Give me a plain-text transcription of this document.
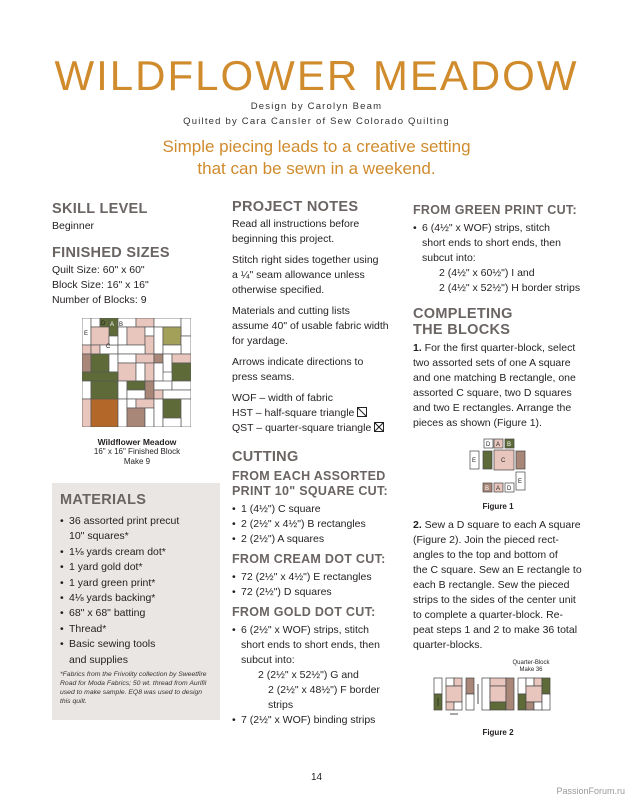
WILDFLOWER MEADOW
Design by Carolyn Beam
Quilted by Cara Cansler of Sew Colorado Quilting
Simple piecing leads to a creative setting
that can be sewn in a weekend.
SKILL LEVEL
Beginner
FINISHED SIZES
Quilt Size: 60" x 60"
Block Size: 16" x 16"
Number of Blocks: 9
E
D A B
C
Wildflower Meadow
16" x 16" Finished Block
Make 9
MATERIALS
• 36 assorted print precut
10" squares*
• 1⅛ yards cream dot*
• 1 yard gold dot*
• 1 yard green print*
• 4⅛ yards backing*
• 68" x 68" batting
• Thread*
• Basic sewing tools
and supplies
*Fabrics from the Frivolity collection by Sweetfire Road for Moda Fabrics; 50 wt. thread from Aurifil used to make sample. EQ8 was used to design this quilt.
PROJECT NOTES
Read all instructions before
beginning this project.
Stitch right sides together using
a ¼" seam allowance unless
otherwise specified.
Materials and cutting lists
assume 40" of usable fabric width
for yardage.
Arrows indicate directions to
press seams.
WOF – width of fabric
HST – half-square triangle
QST – quarter-square triangle
CUTTING
FROM EACH ASSORTED
PRINT 10" SQUARE CUT:
• 1 (4½") C square
• 2 (2½" x 4½") B rectangles
• 2 (2½") A squares
FROM CREAM DOT CUT:
• 72 (2½" x 4½") E rectangles
• 72 (2½") D squares
FROM GOLD DOT CUT:
• 6 (2½" x WOF) strips, stitch
short ends to short ends, then
subcut into:
2 (2½" x 52½") G and
2 (2½" x 48½") F border strips
• 7 (2½" x WOF) binding strips
FROM GREEN PRINT CUT:
• 6 (4½" x WOF) strips, stitch
short ends to short ends, then
subcut into:
2 (4½" x 60½") I and
2 (4½" x 52½") H border strips
COMPLETING
THE BLOCKS
1. For the first quarter-block, select
two assorted sets of one A square
and one matching B rectangle, one
assorted C square, two D squares
and two E rectangles. Arrange the
pieces as shown (Figure 1).
D A B
E	C
E
B A D
Figure 1
2. Sew a D square to each A square
(Figure 2). Join the pieced rect-
angles to the top and bottom of
the C square. Sew an E rectangle to
each B rectangle. Sew the pieced
strips to the sides of the center unit
to complete a quarter-block. Re-
peat steps 1 and 2 to make 36 total
quarter-blocks.
Quarter-Block
Make 36
Figure 2
14
PassionForum.ru
